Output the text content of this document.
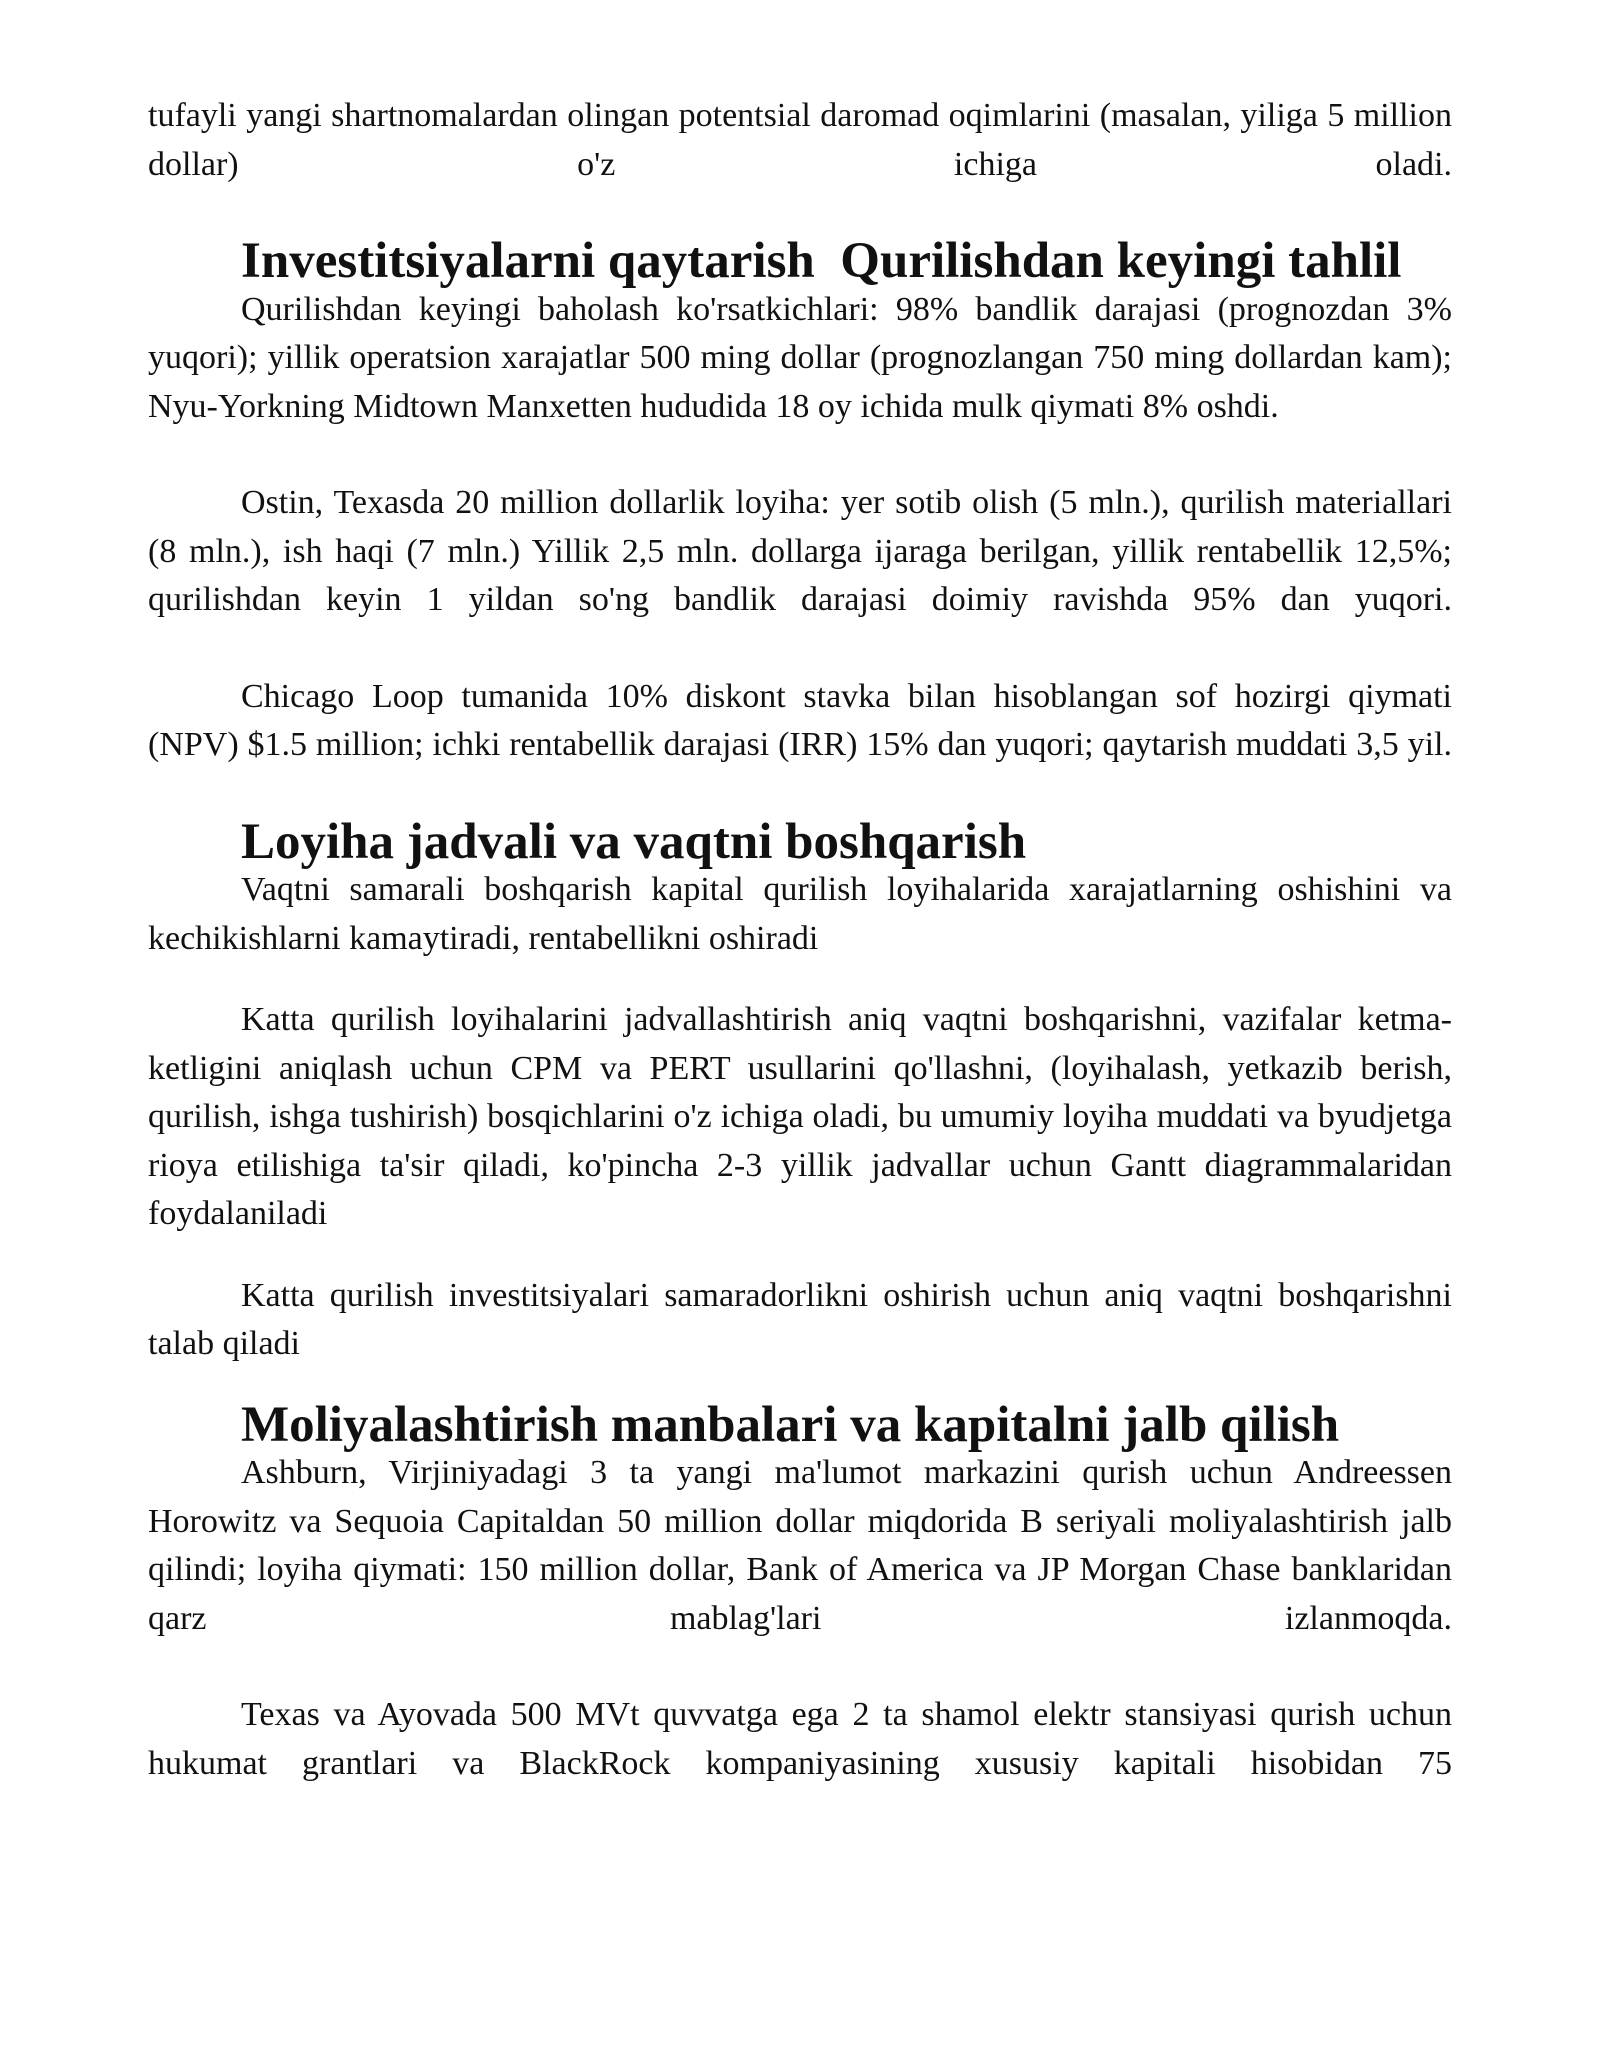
tufayli yangi shartnomalardan olingan potentsial daromad oqimlarini (masalan, yiliga 5 million dollar) o'z ichiga oladi.

Investitsiyalarni qaytarish  Qurilishdan keyingi tahlil

Qurilishdan keyingi baholash ko'rsatkichlari: 98% bandlik darajasi (prognozdan 3% yuqori); yillik operatsion xarajatlar 500 ming dollar (prognozlangan 750 ming dollardan kam); Nyu-Yorkning Midtown Manxetten hududida 18 oy ichida mulk qiymati 8% oshdi.

Ostin, Texasda 20 million dollarlik loyiha: yer sotib olish (5 mln.), qurilish materiallari (8 mln.), ish haqi (7 mln.) Yillik 2,5 mln. dollarga ijaraga berilgan, yillik rentabellik 12,5%; qurilishdan keyin 1 yildan so'ng bandlik darajasi doimiy ravishda 95% dan yuqori.

Chicago Loop tumanida 10% diskont stavka bilan hisoblangan sof hozirgi qiymati (NPV) $1.5 million; ichki rentabellik darajasi (IRR) 15% dan yuqori; qaytarish muddati 3,5 yil.

Loyiha jadvali va vaqtni boshqarish

Vaqtni samarali boshqarish kapital qurilish loyihalarida xarajatlarning oshishini va kechikishlarni kamaytiradi, rentabellikni oshiradi

Katta qurilish loyihalarini jadvallashtirish aniq vaqtni boshqarishni, vazifalar ketma-ketligini aniqlash uchun CPM va PERT usullarini qo'llashni, (loyihalash, yetkazib berish, qurilish, ishga tushirish) bosqichlarini o'z ichiga oladi, bu umumiy loyiha muddati va byudjetga rioya etilishiga ta'sir qiladi, ko'pincha 2-3 yillik jadvallar uchun Gantt diagrammalaridan foydalaniladi

Katta qurilish investitsiyalari samaradorlikni oshirish uchun aniq vaqtni boshqarishni talab qiladi

Moliyalashtirish manbalari va kapitalni jalb qilish

Ashburn, Virjiniyadagi 3 ta yangi ma'lumot markazini qurish uchun Andreessen Horowitz va Sequoia Capitaldan 50 million dollar miqdorida B seriyali moliyalashtirish jalb qilindi; loyiha qiymati: 150 million dollar, Bank of America va JP Morgan Chase banklaridan qarz mablag'lari izlanmoqda.

Texas va Ayovada 500 MVt quvvatga ega 2 ta shamol elektr stansiyasi qurish uchun hukumat grantlari va BlackRock kompaniyasining xususiy kapitali hisobidan 75
